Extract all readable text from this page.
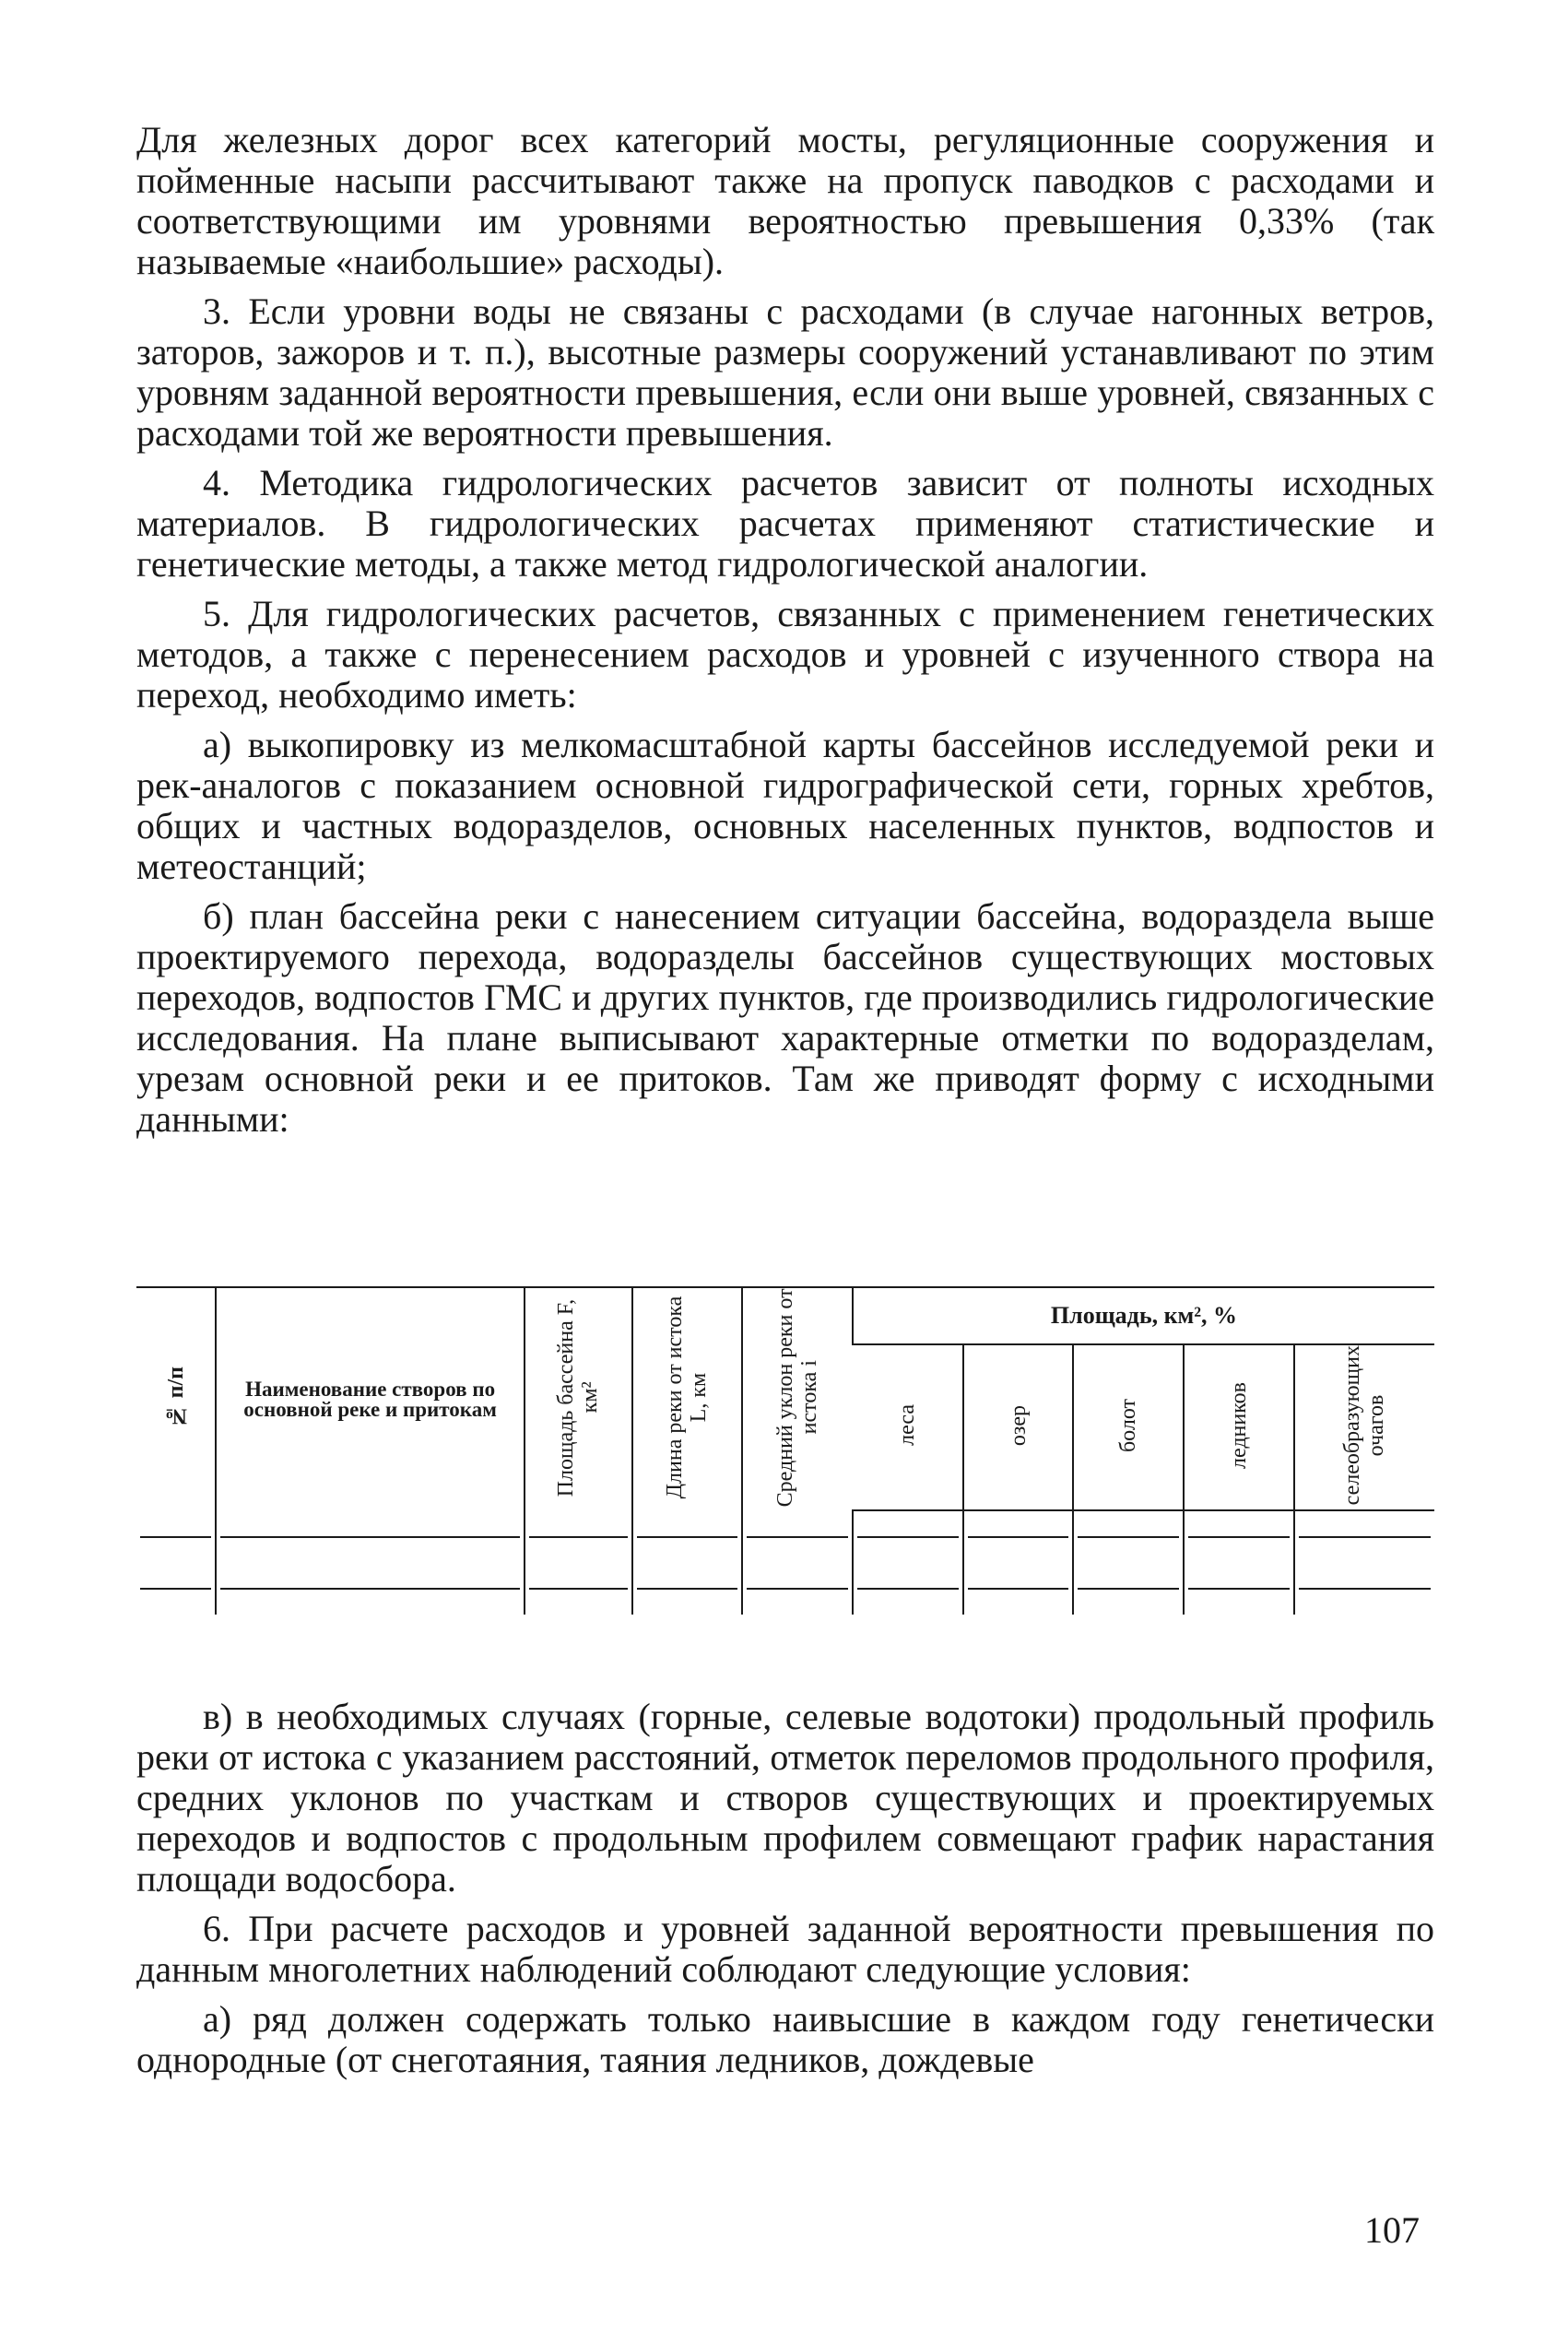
Для железных дорог всех категорий мосты, регуляционные сооружения и пойменные насыпи рассчитывают также на пропуск паводков с расходами и соответствующими им уровнями вероятностью превышения 0,33% (так называемые «наибольшие» расходы).

3. Если уровни воды не связаны с расходами (в случае нагонных ветров, заторов, зажоров и т. п.), высотные размеры сооружений устанавливают по этим уровням заданной вероятности превышения, если они выше уровней, связанных с расходами той же вероятности превышения.

4. Методика гидрологических расчетов зависит от полноты исходных материалов. В гидрологических расчетах применяют статистические и генетические методы, а также метод гидрологической аналогии.

5. Для гидрологических расчетов, связанных с применением генетических методов, а также с перенесением расходов и уровней с изученного створа на переход, необходимо иметь:

а) выкопировку из мелкомасштабной карты бассейнов исследуемой реки и рек-аналогов с показанием основной гидрографической сети, горных хребтов, общих и частных водоразделов, основных населенных пунктов, водпостов и метеостанций;

б) план бассейна реки с нанесением ситуации бассейна, водораздела выше проектируемого перехода, водоразделы бассейнов существующих мостовых переходов, водпостов ГМС и других пунктов, где производились гидрологические исследования. На плане выписывают характерные отметки по водоразделам, урезам основной реки и ее притоков. Там же приводят форму с исходными данными:

№ п/п	Наименование створов по основной реке и притокам	Площадь бассейна F, км²	Длина реки от истока L, км	Средний уклон реки от истока i	Площадь, км², %				
					леса	озер	болот	ледников	селеобразующих очагов

в) в необходимых случаях (горные, селевые водотоки) продольный профиль реки от истока с указанием расстояний, отметок переломов продольного профиля, средних уклонов по участкам и створов существующих и проектируемых переходов и водпостов с продольным профилем совмещают график нарастания площади водосбора.

6. При расчете расходов и уровней заданной вероятности превышения по данным многолетних наблюдений соблюдают следующие условия:

а) ряд должен содержать только наивысшие в каждом году генетически однородные (от снеготаяния, таяния ледников, дождевые

107
